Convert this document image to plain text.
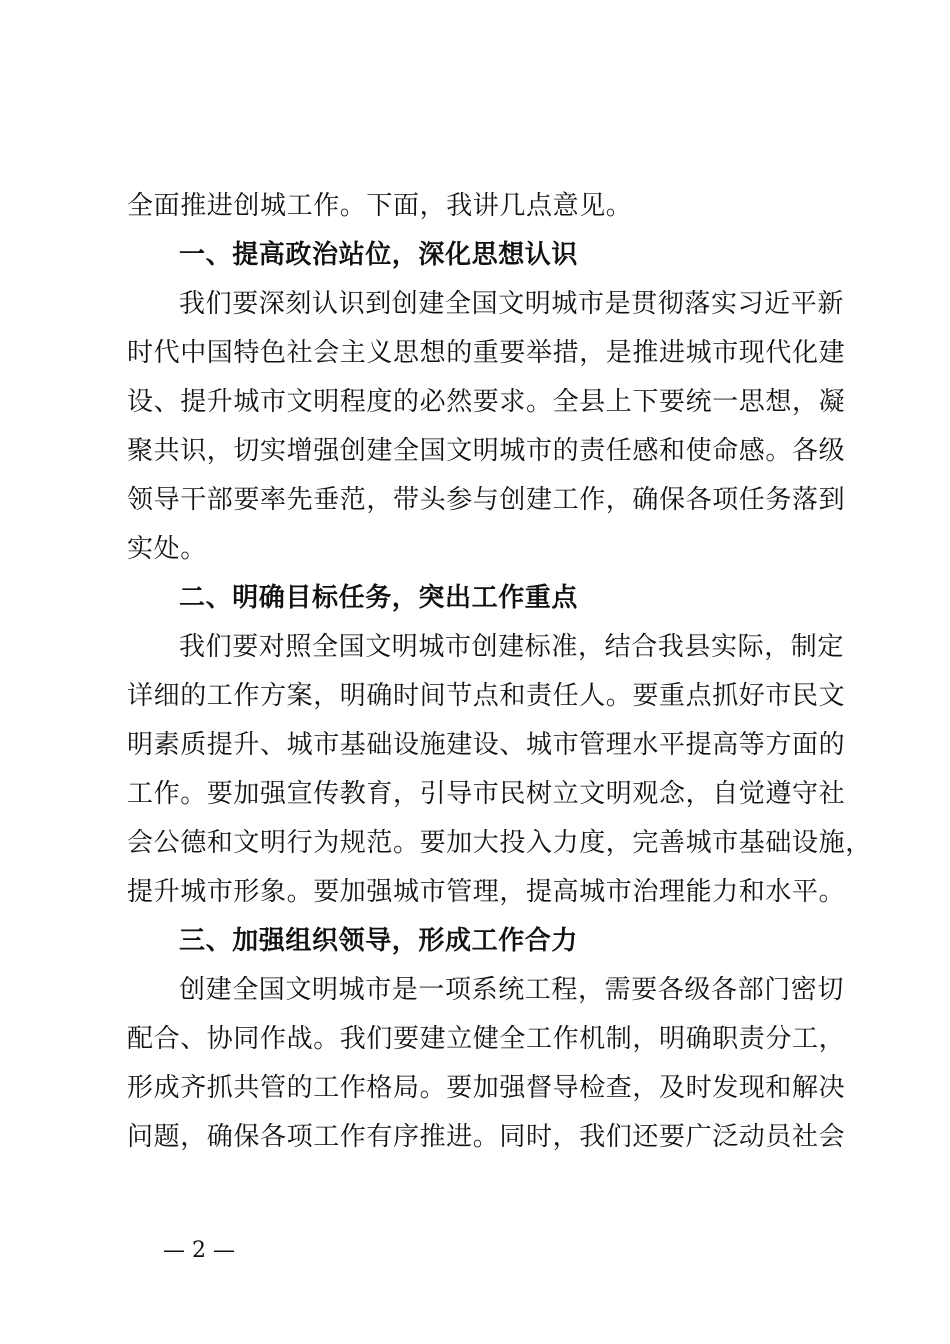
全面推进创城工作。下面，我讲几点意见。
一、提高政治站位，深化思想认识
我们要深刻认识到创建全国文明城市是贯彻落实习近平新
时代中国特色社会主义思想的重要举措，是推进城市现代化建
设、提升城市文明程度的必然要求。全县上下要统一思想，凝
聚共识，切实增强创建全国文明城市的责任感和使命感。各级
领导干部要率先垂范，带头参与创建工作，确保各项任务落到
实处。
二、明确目标任务，突出工作重点
我们要对照全国文明城市创建标准，结合我县实际，制定
详细的工作方案，明确时间节点和责任人。要重点抓好市民文
明素质提升、城市基础设施建设、城市管理水平提高等方面的
工作。要加强宣传教育，引导市民树立文明观念，自觉遵守社
会公德和文明行为规范。要加大投入力度，完善城市基础设施，
提升城市形象。要加强城市管理，提高城市治理能力和水平。
三、加强组织领导，形成工作合力
创建全国文明城市是一项系统工程，需要各级各部门密切
配合、协同作战。我们要建立健全工作机制，明确职责分工，
形成齐抓共管的工作格局。要加强督导检查，及时发现和解决
问题，确保各项工作有序推进。同时，我们还要广泛动员社会
— 2 —
